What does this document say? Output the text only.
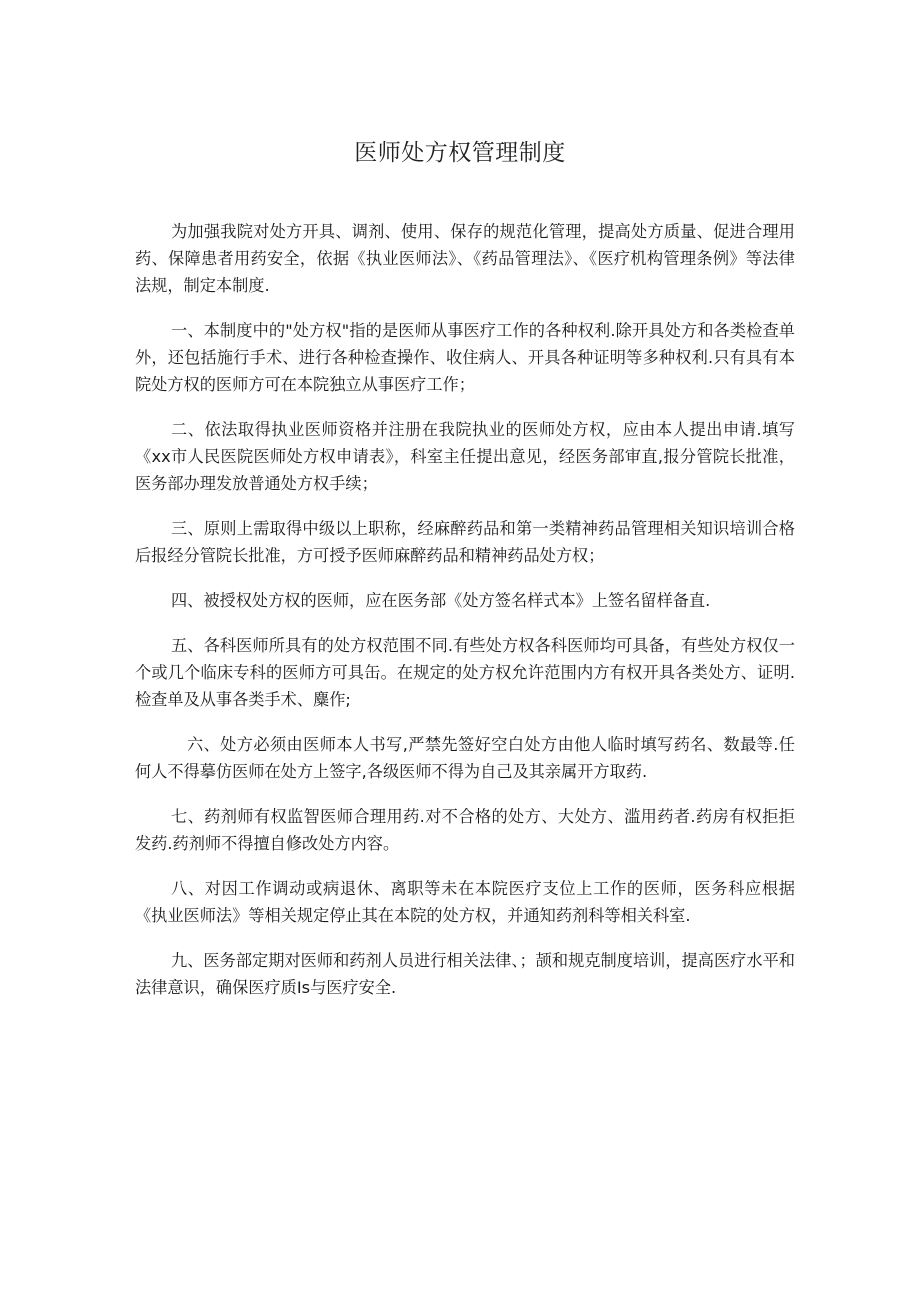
医师处方权管理制度

为加强我院对处方开具、调剂、使用、保存的规范化管理，提高处方质量、促进合理用药、保障患者用药安全，依据《执业医师法》、《药品管理法》、《医疗机构管理条例》等法律法规，制定本制度.

一、本制度中的"处方权"指的是医师从事医疗工作的各种权利.除开具处方和各类检查单外，还包括施行手术、进行各种检查操作、收住病人、开具各种证明等多种权利.只有具有本院处方权的医师方可在本院独立从事医疗工作；

二、依法取得执业医师资格并注册在我院执业的医师处方权，应由本人提出申请.填写《xx市人民医院医师处方权申请表》，科室主任提出意见，经医务部审直,报分管院长批准，医务部办理发放普通处方权手续；

三、原则上需取得中级以上职称，经麻醉药品和第一类精神药品管理相关知识培训合格后报经分管院长批准，方可授予医师麻醉药品和精神药品处方权；

四、被授权处方权的医师，应在医务部《处方签名样式本》上签名留样备直.

五、各科医师所具有的处方权范围不同.有些处方权各科医师均可具备，有些处方权仅一个或几个临床专科的医师方可具缶。在规定的处方权允许范围内方有权开具各类处方、证明.检查单及从事各类手术、麋作;

六、处方必须由医师本人书写,严禁先签好空白处方由他人临时填写药名、数最等.任何人不得摹仿医师在处方上签字,各级医师不得为自己及其亲属开方取药.

七、药剂师有权监智医师合理用药.对不合格的处方、大处方、滥用药者.药房有权拒拒发药.药剂师不得擅自修改处方内容。

八、对因工作调动或病退休、离职等未在本院医疗支位上工作的医师，医务科应根据《执业医师法》等相关规定停止其在本院的处方权，并通知药剂科等相关科室.

九、医务部定期对医师和药剂人员进行相关法律、；颉和规克制度培训，提高医疗水平和法律意识，确保医疗质Is与医疗安全.
